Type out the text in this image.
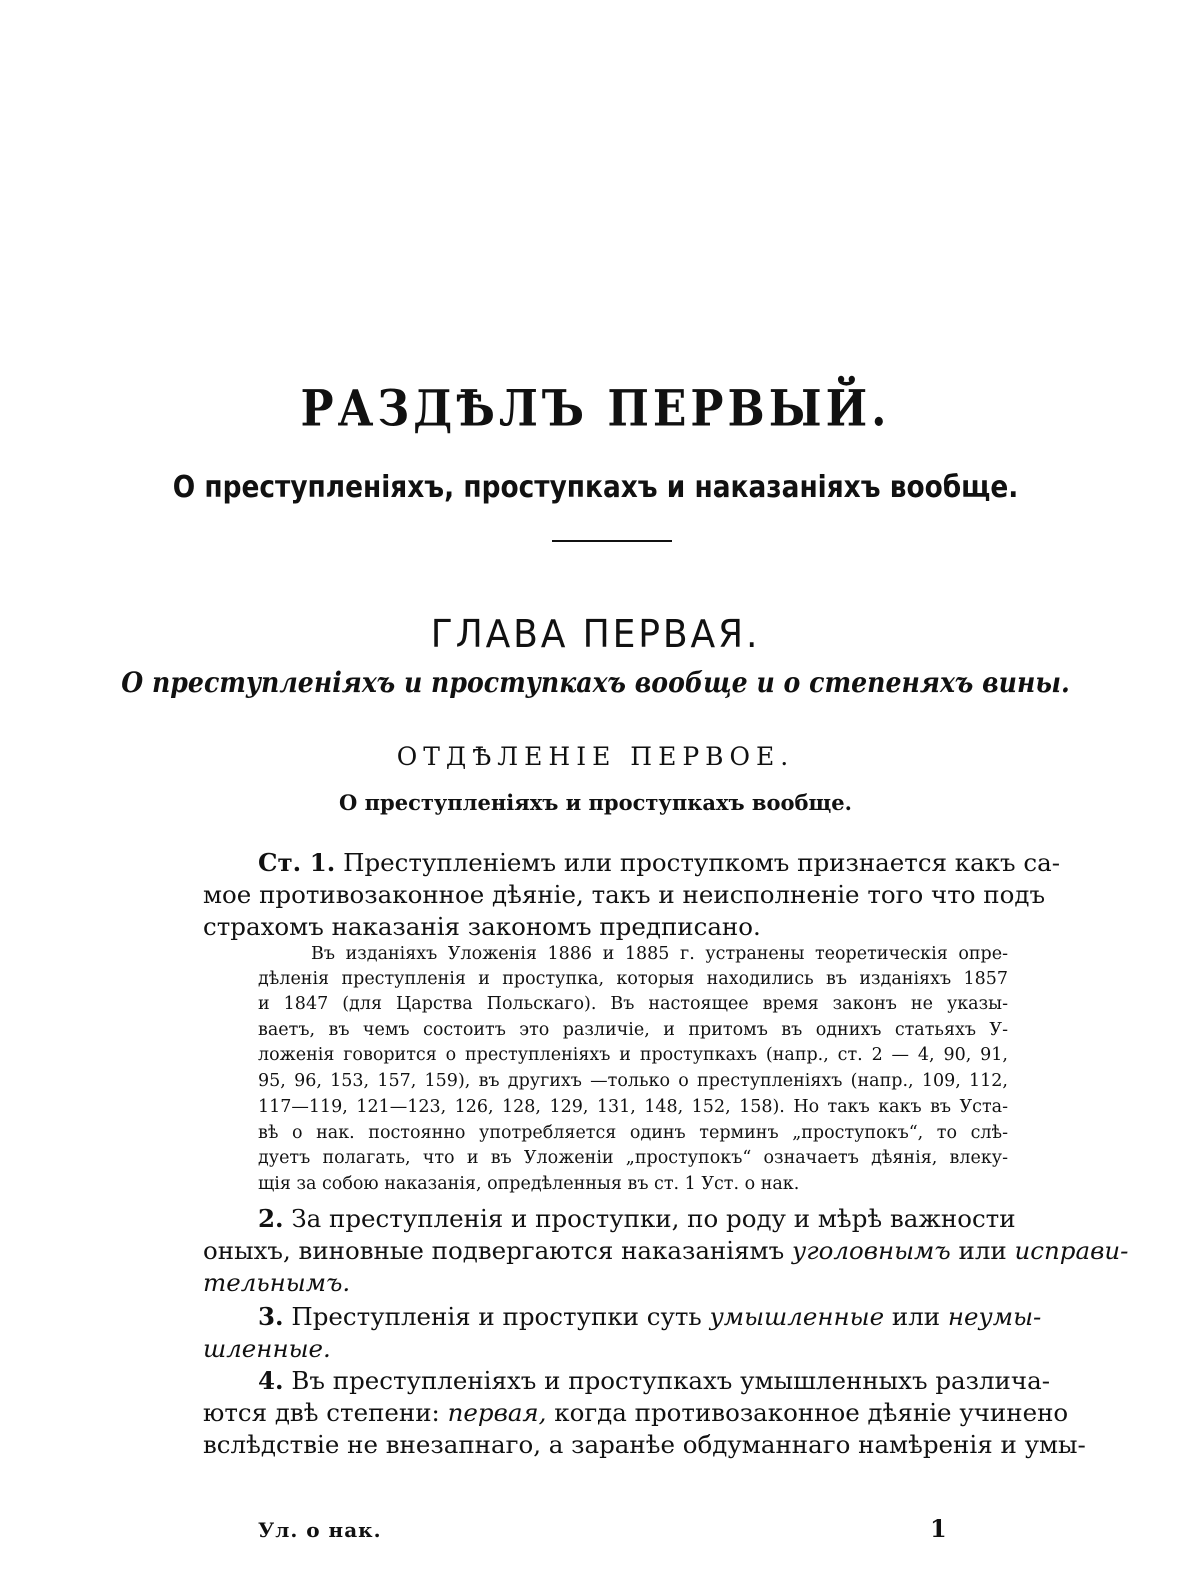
РАЗДѢЛЪ ПЕРВЫЙ.
О преступленіяхъ, проступкахъ и наказаніяхъ вообще.
ГЛАВА ПЕРВАЯ.
О преступленіяхъ и проступкахъ вообще и о степеняхъ вины.
ОТДѢЛЕНІЕ ПЕРВОЕ.
О преступленіяхъ и проступкахъ вообще.
Ст. 1. Преступленіемъ или проступкомъ признается какъ са-
мое противозаконное дѣяніе, такъ и неисполненіе того что подъ
страхомъ наказанія закономъ предписано.
Въ изданіяхъ Уложенія 1886 и 1885 г. устранены теоретическія опре-
дѣленія преступленія и проступка, которыя находились въ изданіяхъ 1857
и 1847 (для Царства Польскаго). Въ настоящее время законъ не указы-
ваетъ, въ чемъ состоитъ это различіе, и притомъ въ однихъ статьяхъ У-
ложенія говорится о преступленіяхъ и проступкахъ (напр., ст. 2 — 4, 90, 91,
95, 96, 153, 157, 159), въ другихъ —только о преступленіяхъ (напр., 109, 112,
117—119, 121—123, 126, 128, 129, 131, 148, 152, 158). Но такъ какъ въ Уста-
вѣ о нак. постоянно употребляется одинъ терминъ „проступокъ“, то слѣ-
дуетъ полагать, что и въ Уложеніи „проступокъ“ означаетъ дѣянія, влеку-
щія за собою наказанія, опредѣленныя въ ст. 1 Уст. о нак.
2. За преступленія и проступки, по роду и мѣрѣ важности
оныхъ, виновные подвергаются наказаніямъ уголовнымъ или исправи-
тельнымъ.
3. Преступленія и проступки суть умышленные или неумы-
шленные.
4. Въ преступленіяхъ и проступкахъ умышленныхъ различа-
ются двѣ степени: первая, когда противозаконное дѣяніе учинено
вслѣдствіе не внезапнаго, а заранѣе обдуманнаго намѣренія и умы-
Ул. о нак.	1
